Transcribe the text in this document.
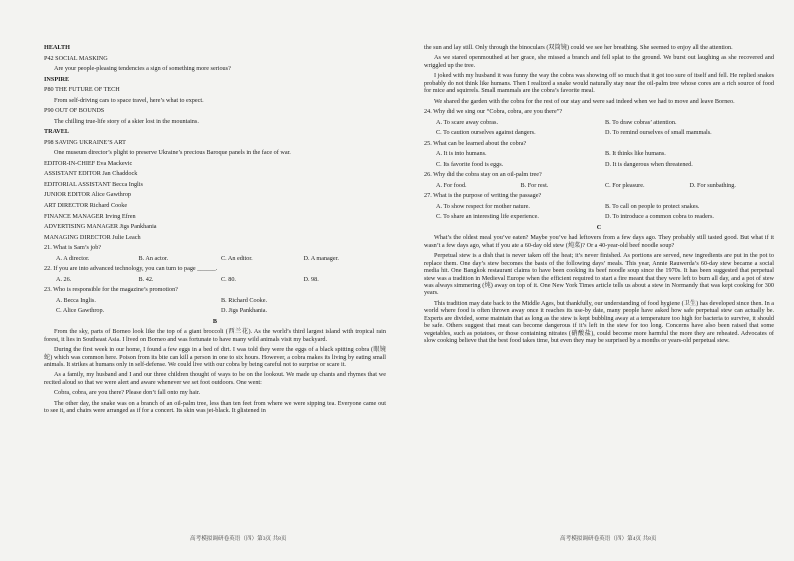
HEALTH
P42 SOCIAL MASKING
Are your people-pleasing tendencies a sign of something more serious?
INSPIRE
P80 THE FUTURE OF TECH
From self-driving cars to space travel, here’s what to expect.
P90 OUT OF BOUNDS
The chilling true-life story of a skier lost in the mountains.
TRAVEL
P98 SAVING UKRAINE’S ART
One museum director’s plight to preserve Ukraine’s precious Baroque panels in the face of war.
EDITOR-IN-CHIEF Eva Mackevic
ASSISTANT EDITOR Jan Chaddock
EDITORIAL ASSISTANT Becca Inglis
JUNIOR EDITOR Alice Gawthrop
ART DIRECTOR Richard Cooke
FINANCE MANAGER Irving Efren
ADVERTISING MANAGER Jigs Pankhania
MANAGING DIRECTOR Julie Leach
21. What is Sam’s job?
A. A director.	B. An actor.	C. An editor.	D. A manager.
22. If you are into advanced technology, you can turn to page ______.
A. 26.	B. 42.	C. 80.	D. 98.
23. Who is responsible for the magazine’s promotion?
A. Becca Inglis.	B. Richard Cooke.
C. Alice Gawthrop.	D. Jigs Pankhania.
B

From the sky, parts of Borneo look like the top of a giant broccoli (西兰花). As the world’s third largest island with tropical rain forest, it lies in Southeast Asia. I lived on Borneo and was fortunate to have many wild animals visit my backyard.

During the first week in our home, I found a few eggs in a bed of dirt. I was told they were the eggs of a black spitting cobra (眼镜蛇) which was common here. Poison from its bite can kill a person in one to six hours. However, a cobra makes its living by eating small animals. It strikes at humans only in self-defense. We could live with our cobra by being careful not to surprise or scare it.

As a family, my husband and I and our three children thought of ways to be on the lookout. We made up chants and rhymes that we recited aloud so that we were alert and aware whenever we set foot outdoors. One went:

Cobra, cobra, are you there? Please don’t fall onto my hair.

The other day, the snake was on a branch of an oil-palm tree, less than ten feet from where we were sipping tea. Everyone came out to see it, and chairs were arranged as if for a concert. Its skin was jet-black. It glistened in

the sun and lay still. Only through the binoculars (双筒镜) could we see her breathing. She seemed to enjoy all the attention.

As we stared openmouthed at her grace, she missed a branch and fell splat to the ground. We burst out laughing as she recovered and wriggled up the tree.

I joked with my husband it was funny the way the cobra was showing off so much that it got too sure of itself and fell. He replied snakes probably do not think like humans. Then I realized a snake would naturally stay near the oil-palm tree whose cores are a rich source of food for mice and squirrels. Small mammals are the cobra’s favorite meal.

We shared the garden with the cobra for the rest of our stay and were sad indeed when we had to move and leave Borneo.

24. Why did we sing our “Cobra, cobra, are you there”?
A. To scare away cobras.	B. To draw cobras’ attention.
C. To caution ourselves against dangers.	D. To remind ourselves of small mammals.
25. What can be learned about the cobra?
A. It is into humans.	B. It thinks like humans.
C. Its favorite food is eggs.	D. It is dangerous when threatened.
26. Why did the cobra stay on an oil-palm tree?
A. For food.	B. For rest.	C. For pleasure.	D. For sunbathing.
27. What is the purpose of writing the passage?
A. To show respect for mother nature.	B. To call on people to protect snakes.
C. To share an interesting life experience.	D. To introduce a common cobra to readers.
C

What’s the oldest meal you’ve eaten? Maybe you’ve had leftovers from a few days ago. They probably still tasted good. But what if it wasn’t a few days ago, what if you ate a 60-day old stew (炖菜)? Or a 40-year-old beef noodle soup?

Perpetual stew is a dish that is never taken off the heat; it’s never finished. As portions are served, new ingredients are put in the pot to replace them. One day’s stew becomes the basis of the following days’ meals. This year, Annie Rauwerda’s 60-day stew became a social media hit. One Bangkok restaurant claims to have been cooking its beef noodle soup since the 1970s. It has been suggested that perpetual stew was a tradition in Medieval Europe when the efficient required to start a fire meant that they were left to burn all day, and a pot of stew was always simmering (炖) away on top of it. One New York Times article tells us about a stew in Normandy that was kept cooking for 300 years.

This tradition may date back to the Middle Ages, but thankfully, our understanding of food hygiene (卫生) has developed since then. In a world where food is often thrown away once it reaches its use-by date, many people have asked how safe perpetual stew can actually be. Experts are divided, some maintain that as long as the stew is kept bubbling away at a temperature too high for bacteria to survive, it should be safe. Others suggest that meat can become dangerous if it’s left in the stew for too long. Concerns have also been raised that some vegetables, such as potatoes, or those containing nitrates (硝酸盐), could become more harmful the more they are reheated. Advocates of slow cooking believe that the best food takes time, but even they may be surprised by a months or years-old perpetual stew.

高考模拟调研卷英语（四）第3页 共8页	高考模拟调研卷英语（四）第4页 共8页
